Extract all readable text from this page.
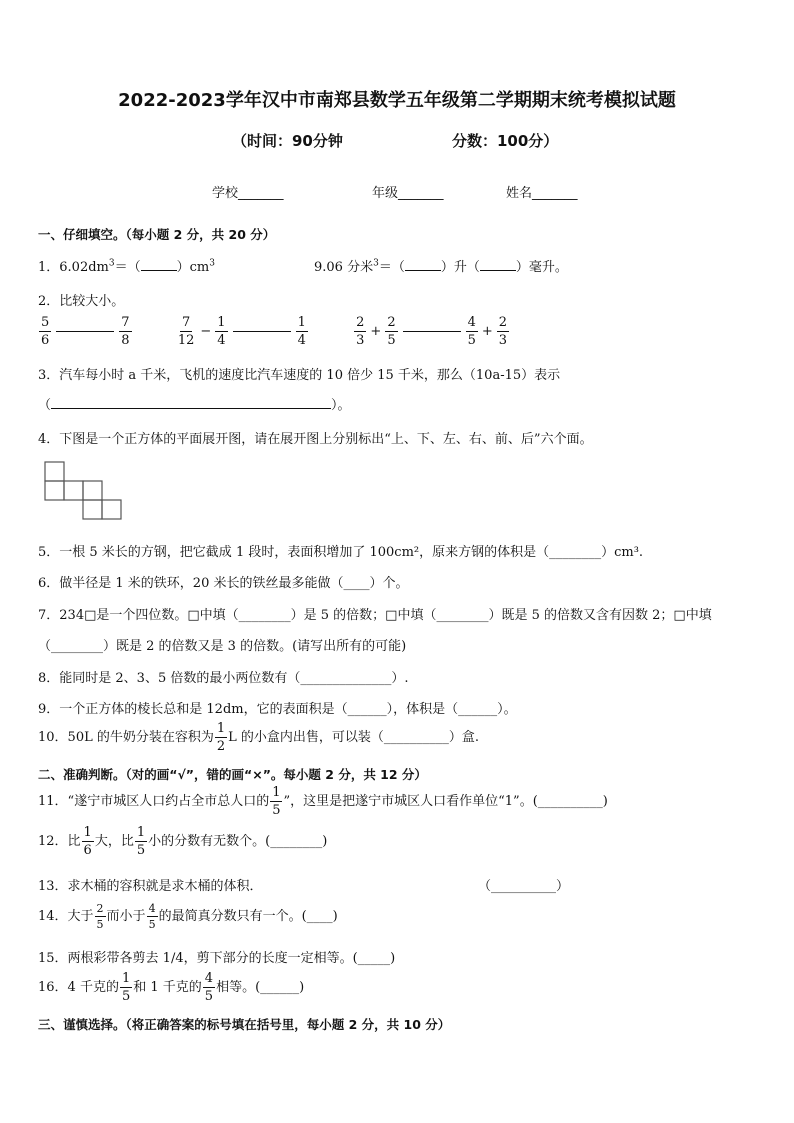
2022-2023学年汉中市南郑县数学五年级第二学期期末统考模拟试题
（时间：90分钟	分数：100分）
学校_______	年级_______	姓名_______
一、仔细填空。（每小题 2 分，共 20 分）
1．$6.02dm^3=$（	）$cm^3$	9.06 分米$^3$＝（	）升（	）毫升。
2．比较大小。
$\frac{5}{6}$	$\frac{7}{8}$
	$\frac{7}{12} - \frac{1}{4}$	$\frac{1}{4}$
	$\frac{2}{3} + \frac{2}{5}$	$\frac{4}{5} + \frac{2}{3}$
3．汽车每小时 a 千米，飞机的速度比汽车速度的 10 倍少 15 千米，那么（10a-15）表示
（	）。
4．下图是一个正方体的平面展开图，请在展开图上分别标出“上、下、左、右、前、后”六个面。
5．一根 5 米长的方钢，把它截成 1 段时，表面积增加了 100cm²，原来方钢的体积是（________）cm³.
6．做半径是 1 米的铁环，20 米长的铁丝最多能做（____）个。
7．234□是一个四位数。□中填（________）是 5 的倍数；□中填（________）既是 5 的倍数又含有因数 2；□中填
（________）既是 2 的倍数又是 3 的倍数。(请写出所有的可能)
8．能同时是 2、3、5 倍数的最小两位数有（______________）.
9．一个正方体的棱长总和是 12dm，它的表面积是（______），体积是（______）。
10．50L 的牛奶分装在容积为 $\frac{1}{2}$ L 的小盒内出售，可以装（__________）盒.
二、准确判断。（对的画“√”，错的画“×”。每小题 2 分，共 12 分）
11．“遂宁市城区人口约占全市总人口的 $\frac{1}{5}$ ”，这里是把遂宁市城区人口看作单位“1”。(__________)
12．比 $\frac{1}{6}$ 大，比 $\frac{1}{5}$ 小的分数有无数个。(________)
13．求木桶的容积就是求木桶的体积．	（__________）
14．大于 $\frac{2}{5}$ 而小于 $\frac{4}{5}$ 的最简真分数只有一个。(____)
15．两根彩带各剪去 1/4，剪下部分的长度一定相等。(_____)
16．4 千克的 $\frac{1}{5}$ 和 1 千克的 $\frac{4}{5}$ 相等。(______)
三、谨慎选择。（将正确答案的标号填在括号里，每小题 2 分，共 10 分）
